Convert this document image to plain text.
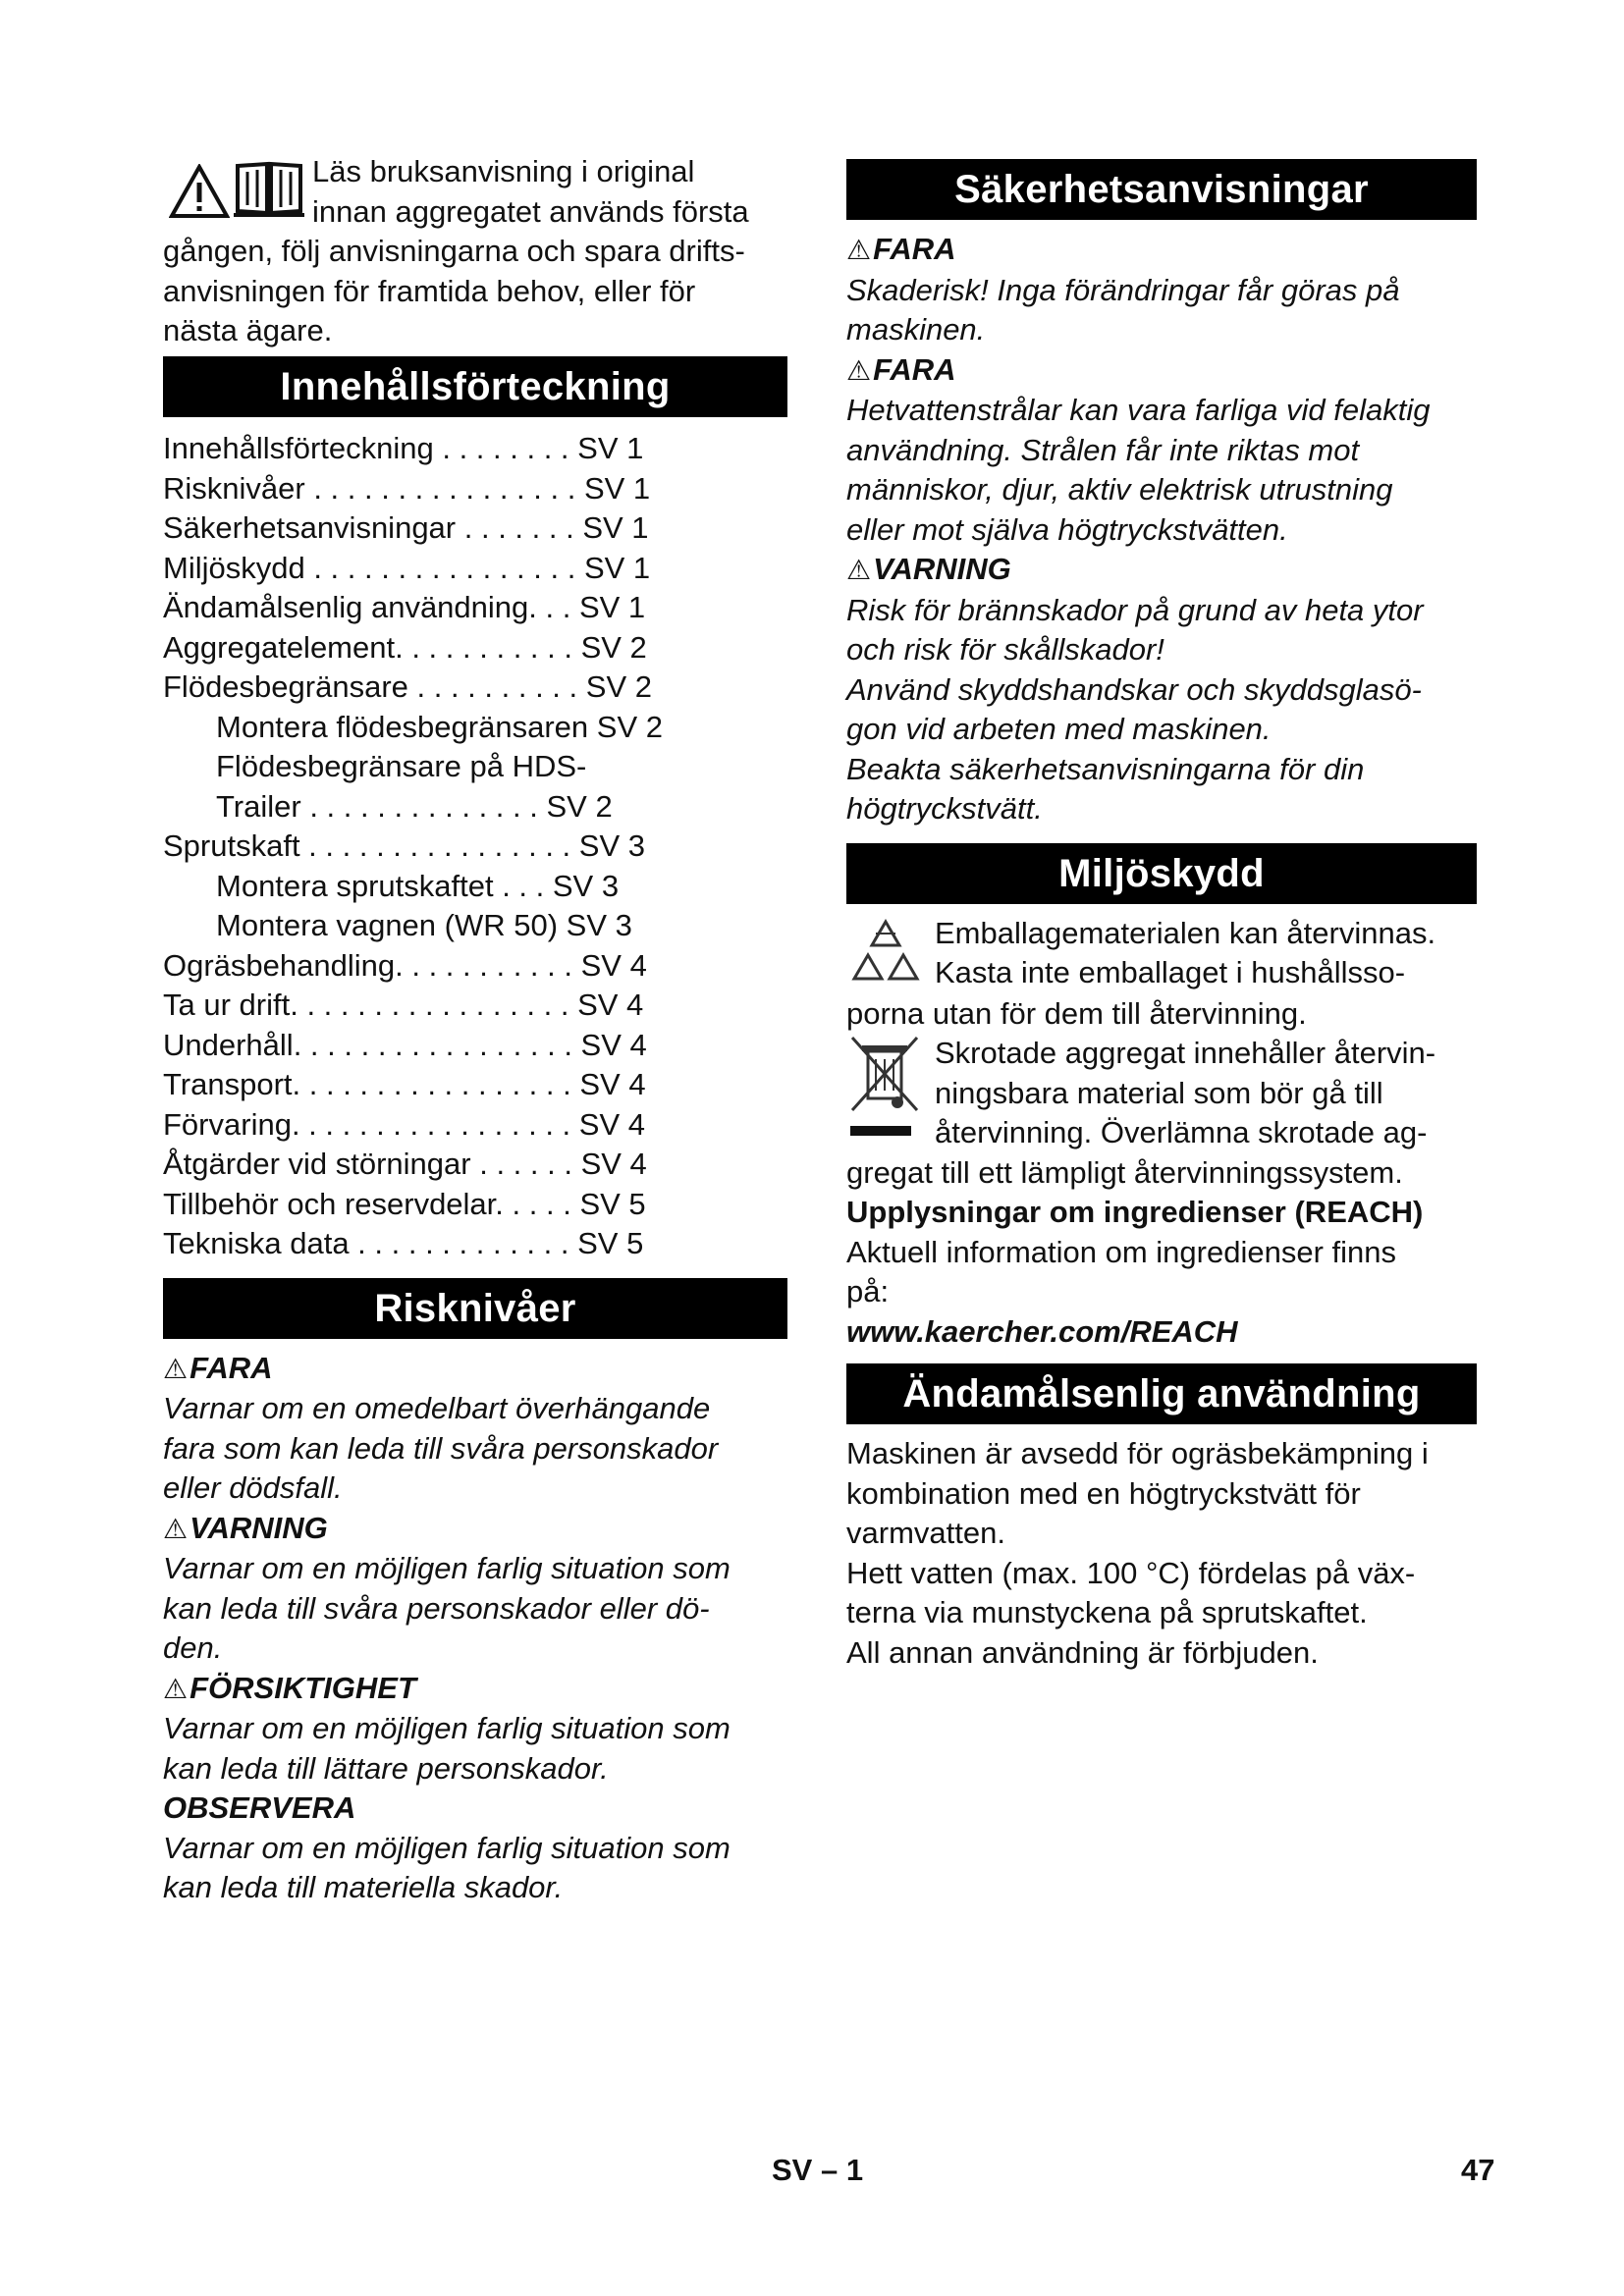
Läs bruksanvisning i original

innan aggregatet används första

gången, följ anvisningarna och spara drifts-

anvisningen för framtida behov, eller för

nästa ägare.

Innehållsförteckning
Innehållsförteckning . . . . . . . . SV 1
Risknivåer . . . . . . . . . . . . . . . . SV 1
Säkerhetsanvisningar . . . . . . . SV 1
Miljöskydd . . . . . . . . . . . . . . . . SV 1
Ändamålsenlig användning. . . SV 1
Aggregatelement. . . . . . . . . . . SV 2
Flödesbegränsare . . . . . . . . . . SV 2
Montera flödesbegränsaren SV 2
Flödesbegränsare på HDS-
Trailer . . . . . . . . . . . . . . SV 2
Sprutskaft . . . . . . . . . . . . . . . . SV 3
Montera sprutskaftet . . . SV 3
Montera vagnen (WR 50) SV 3
Ogräsbehandling. . . . . . . . . . . SV 4
Ta ur drift. . . . . . . . . . . . . . . . . SV 4
Underhåll. . . . . . . . . . . . . . . . . SV 4
Transport. . . . . . . . . . . . . . . . . SV 4
Förvaring. . . . . . . . . . . . . . . . . SV 4
Åtgärder vid störningar . . . . . . SV 4
Tillbehör och reservdelar. . . . . SV 5
Tekniska data . . . . . . . . . . . . . SV 5
Risknivåer

⚠FARA

Varnar om en omedelbart överhängande

fara som kan leda till svåra personskador

eller dödsfall.

⚠VARNING

Varnar om en möjligen farlig situation som

kan leda till svåra personskador eller dö-

den.

⚠FÖRSIKTIGHET

Varnar om en möjligen farlig situation som

kan leda till lättare personskador.

OBSERVERA

Varnar om en möjligen farlig situation som

kan leda till materiella skador.

Säkerhetsanvisningar

⚠FARA

Skaderisk! Inga förändringar får göras på

maskinen.

⚠FARA

Hetvattenstrålar kan vara farliga vid felaktig

användning. Strålen får inte riktas mot

människor, djur, aktiv elektrisk utrustning

eller mot själva högtryckstvätten.

⚠VARNING

Risk för brännskador på grund av heta ytor

och risk för skållskador!

Använd skyddshandskar och skyddsglasö-

gon vid arbeten med maskinen.

Beakta säkerhetsanvisningarna för din

högtryckstvätt.

Miljöskydd

Emballagematerialen kan återvinnas.

Kasta inte emballaget i hushållsso-

porna utan för dem till återvinning.

Skrotade aggregat innehåller återvin-

ningsbara material som bör gå till

återvinning. Överlämna skrotade ag-

gregat till ett lämpligt återvinningssystem.

Upplysningar om ingredienser (REACH)

Aktuell information om ingredienser finns

på:

www.kaercher.com/REACH

Ändamålsenlig användning

Maskinen är avsedd för ogräsbekämpning i

kombination med en högtryckstvätt för

varmvatten.

Hett vatten (max. 100 °C) fördelas på väx-

terna via munstyckena på sprutskaftet.

All annan användning är förbjuden.

SV – 1	47
